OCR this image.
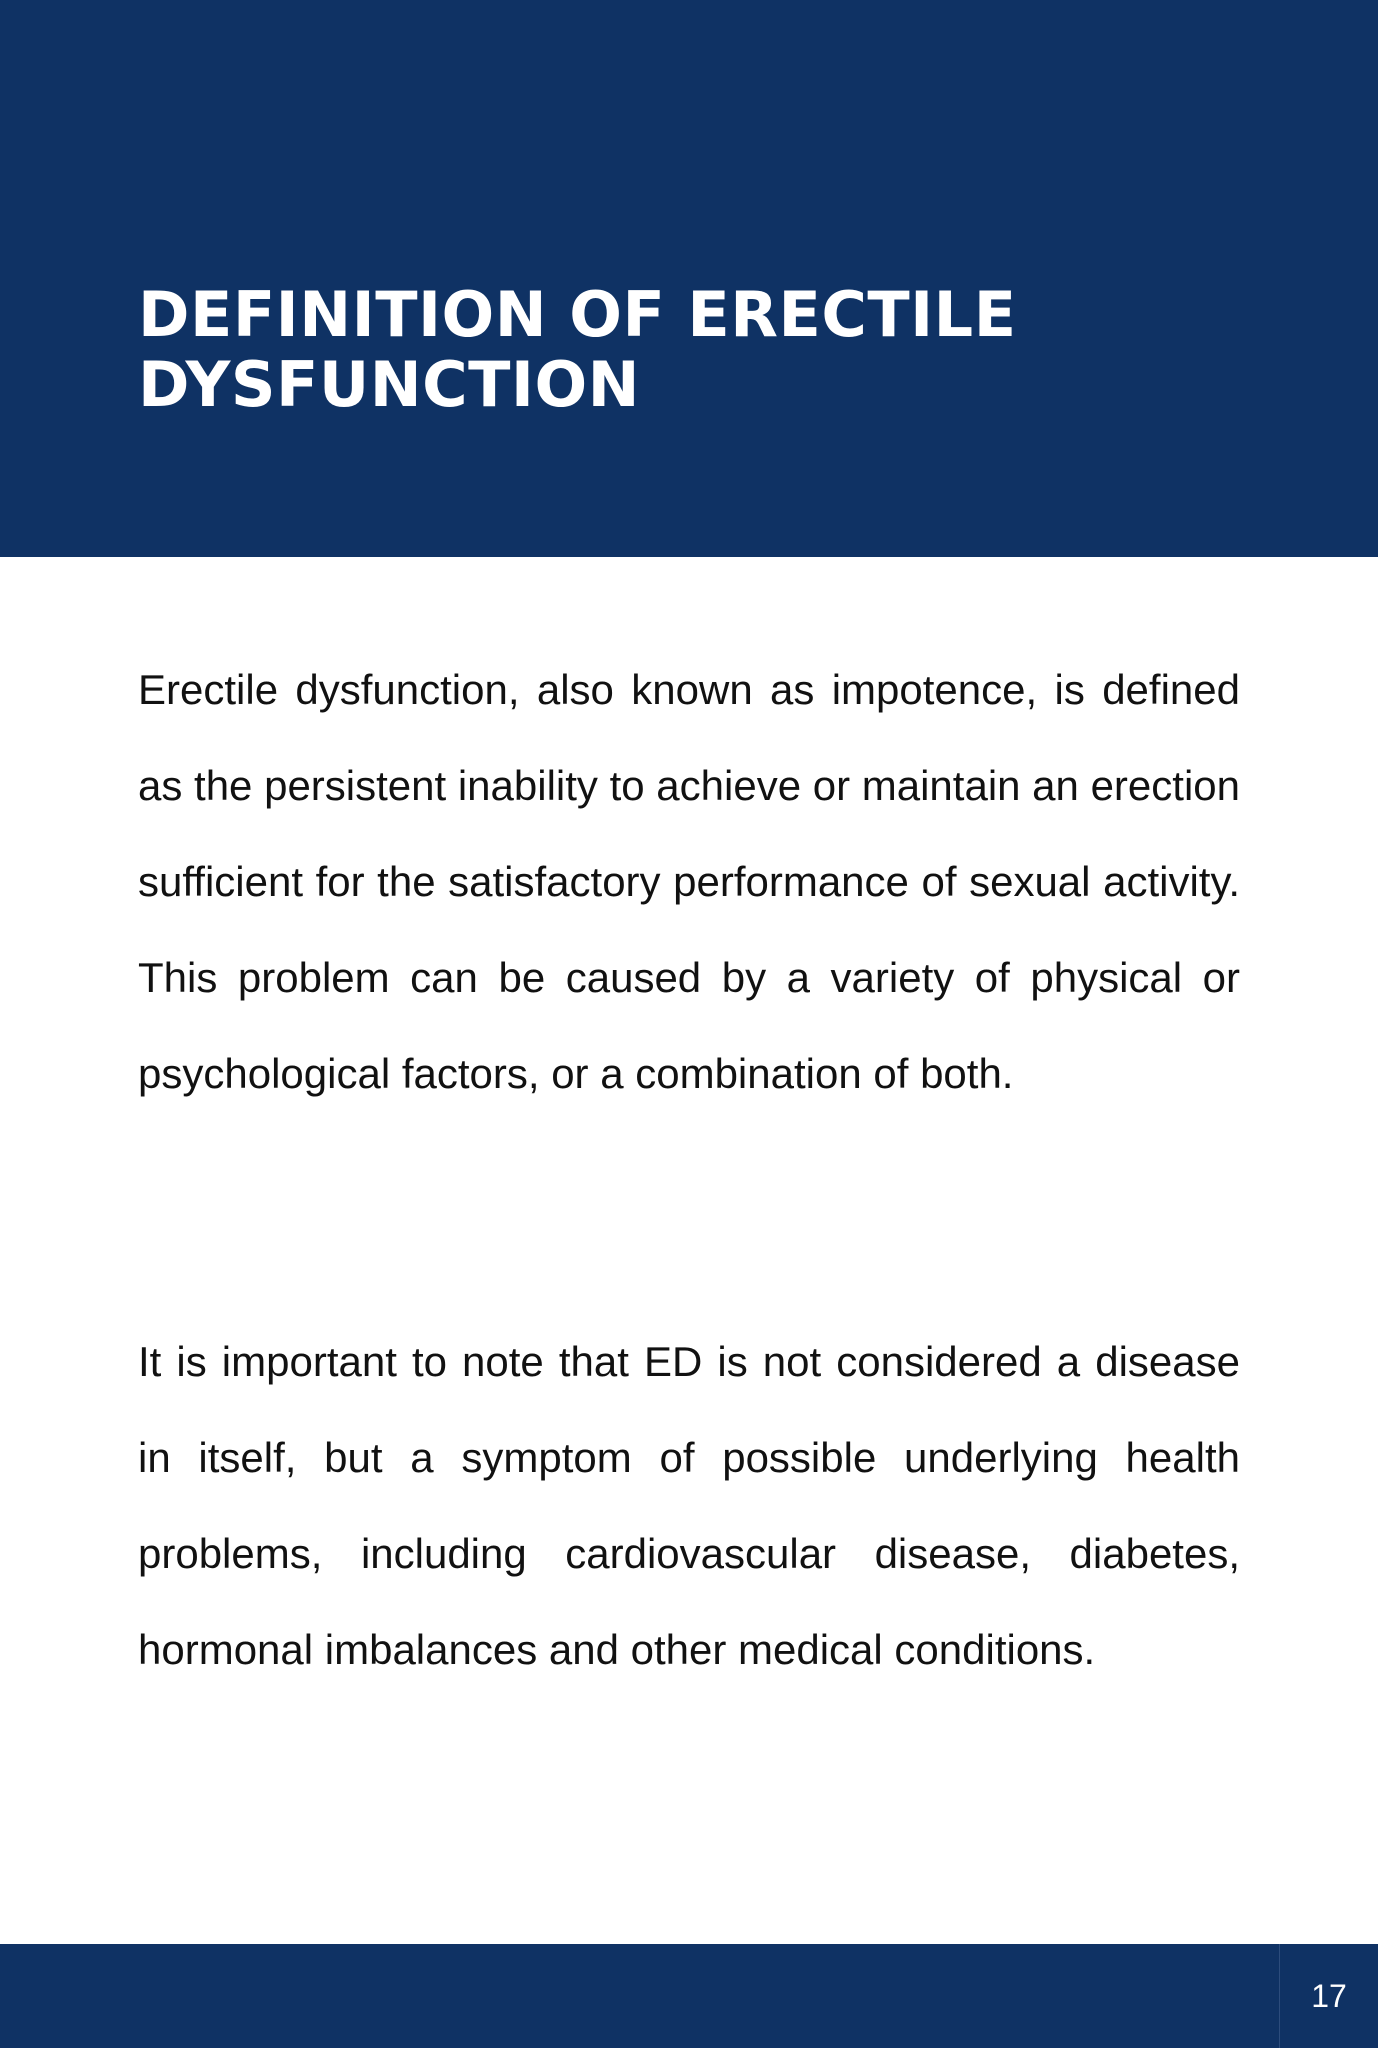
DEFINITION OF ERECTILE
DYSFUNCTION

Erectile dysfunction, also known as impotence, is defined as the persistent inability to achieve or maintain an erection sufficient for the satisfactory performance of sexual activity. This problem can be caused by a variety of physical or psychological factors, or a combination of both.

It is important to note that ED is not considered a disease in itself, but a symptom of possible underlying health problems, including cardiovascular disease, diabetes, hormonal imbalances and other medical conditions.

17
